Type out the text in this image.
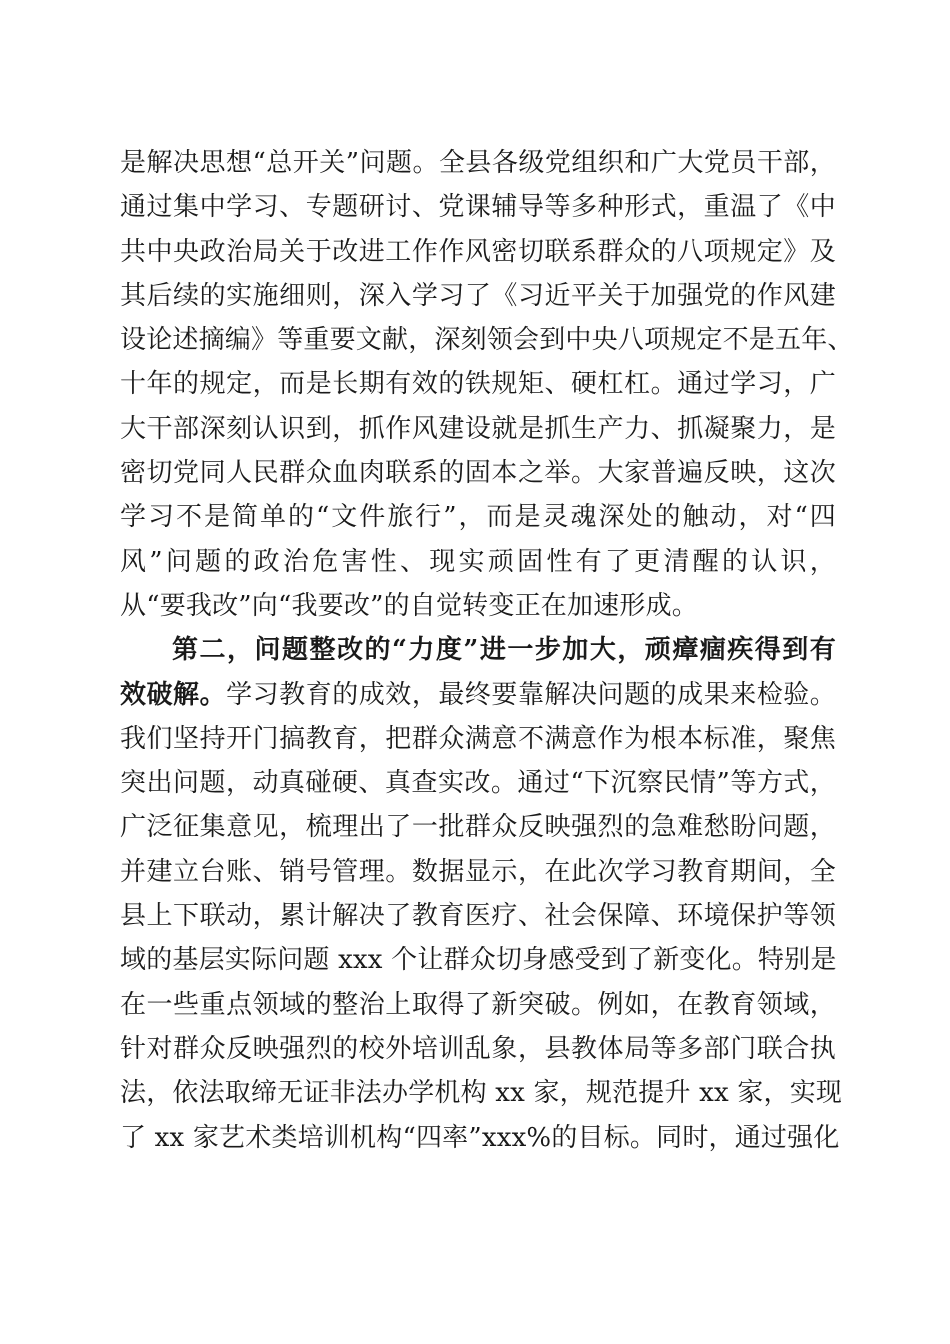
是解决思想“总开关”问题。全县各级党组织和广大党员干部，
通过集中学习、专题研讨、党课辅导等多种形式，重温了《中
共中央政治局关于改进工作作风密切联系群众的八项规定》及
其后续的实施细则，深入学习了《习近平关于加强党的作风建
设论述摘编》等重要文献，深刻领会到中央八项规定不是五年、
十年的规定，而是长期有效的铁规矩、硬杠杠。通过学习，广
大干部深刻认识到，抓作风建设就是抓生产力、抓凝聚力，是
密切党同人民群众血肉联系的固本之举。大家普遍反映，这次
学习不是简单的“文件旅行”，而是灵魂深处的触动，对“四
风”问题的政治危害性、现实顽固性有了更清醒的认识，
从“要我改”向“我要改”的自觉转变正在加速形成。
第二，问题整改的“力度”进一步加大，顽瘴痼疾得到有
效破解。学习教育的成效，最终要靠解决问题的成果来检验。
我们坚持开门搞教育，把群众满意不满意作为根本标准，聚焦
突出问题，动真碰硬、真查实改。通过“下沉察民情”等方式，
广泛征集意见，梳理出了一批群众反映强烈的急难愁盼问题，
并建立台账、销号管理。数据显示，在此次学习教育期间，全
县上下联动，累计解决了教育医疗、社会保障、环境保护等领
域的基层实际问题 xxx 个让群众切身感受到了新变化。特别是
在一些重点领域的整治上取得了新突破。例如，在教育领域，
针对群众反映强烈的校外培训乱象，县教体局等多部门联合执
法，依法取缔无证非法办学机构 xx 家，规范提升 xx 家，实现
了 xx 家艺术类培训机构“四率”xxx%的目标。同时，通过强化
